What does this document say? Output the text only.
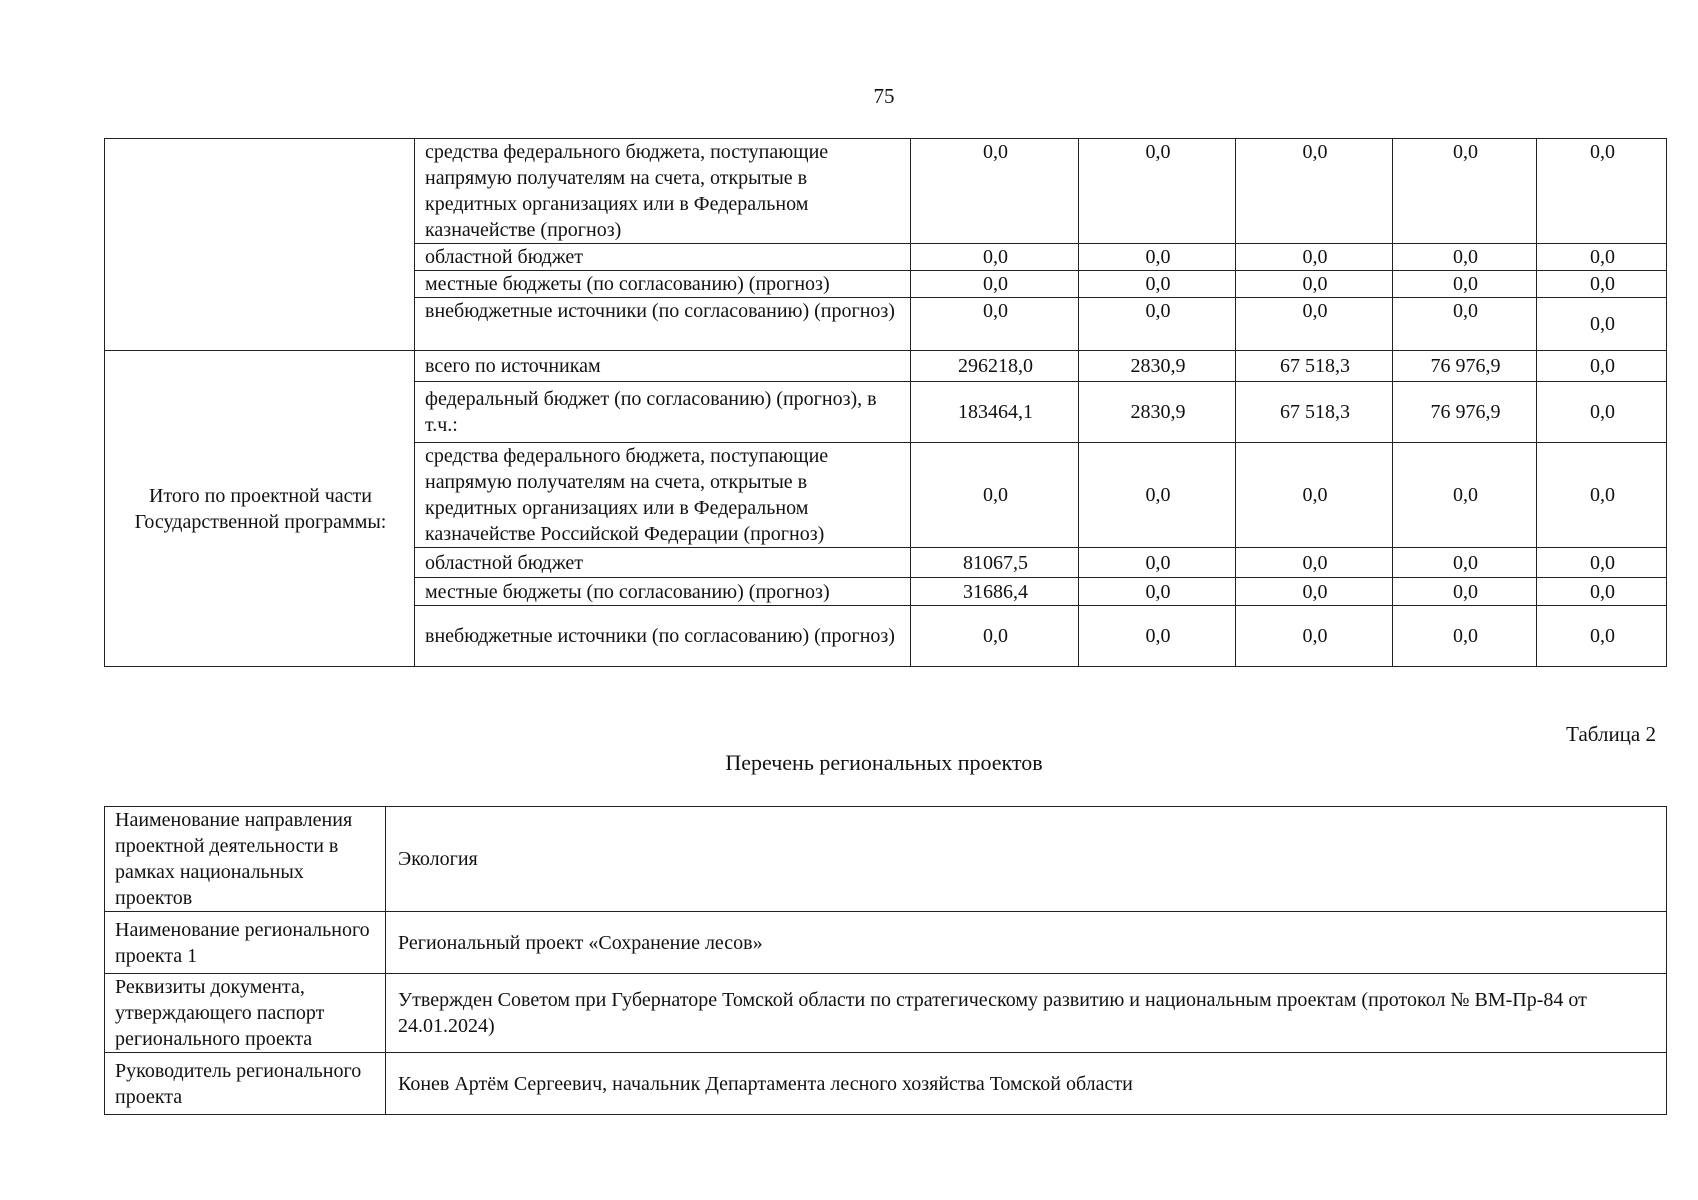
75
	средства федерального бюджета, поступающие напрямую получателям на счета, открытые в кредитных организациях или в Федеральном казначействе (прогноз)	0,0	0,0	0,0	0,0	0,0
	областной бюджет	0,0	0,0	0,0	0,0	0,0
	местные бюджеты (по согласованию) (прогноз)	0,0	0,0	0,0	0,0	0,0
	внебюджетные источники (по согласованию) (прогноз)	0,0	0,0	0,0	0,0	0,0
Итого по проектной части Государственной программы:	всего по источникам	296218,0	2830,9	67 518,3	76 976,9	0,0
	федеральный бюджет (по согласованию) (прогноз), в т.ч.:	183464,1	2830,9	67 518,3	76 976,9	0,0
	средства федерального бюджета, поступающие напрямую получателям на счета, открытые в кредитных организациях или в Федеральном казначействе Российской Федерации (прогноз)	0,0	0,0	0,0	0,0	0,0
	областной бюджет	81067,5	0,0	0,0	0,0	0,0
	местные бюджеты (по согласованию) (прогноз)	31686,4	0,0	0,0	0,0	0,0
	внебюджетные источники (по согласованию) (прогноз)	0,0	0,0	0,0	0,0	0,0
Таблица 2
Перечень региональных проектов
Наименование направления проектной деятельности в рамках национальных проектов	Экология
Наименование регионального проекта 1	Региональный проект «Сохранение лесов»
Реквизиты документа, утверждающего паспорт регионального проекта	Утвержден Советом при Губернаторе Томской области по стратегическому развитию и национальным проектам (протокол № ВМ-Пр-84 от 24.01.2024)
Руководитель регионального проекта	Конев Артём Сергеевич, начальник Департамента лесного хозяйства Томской области
